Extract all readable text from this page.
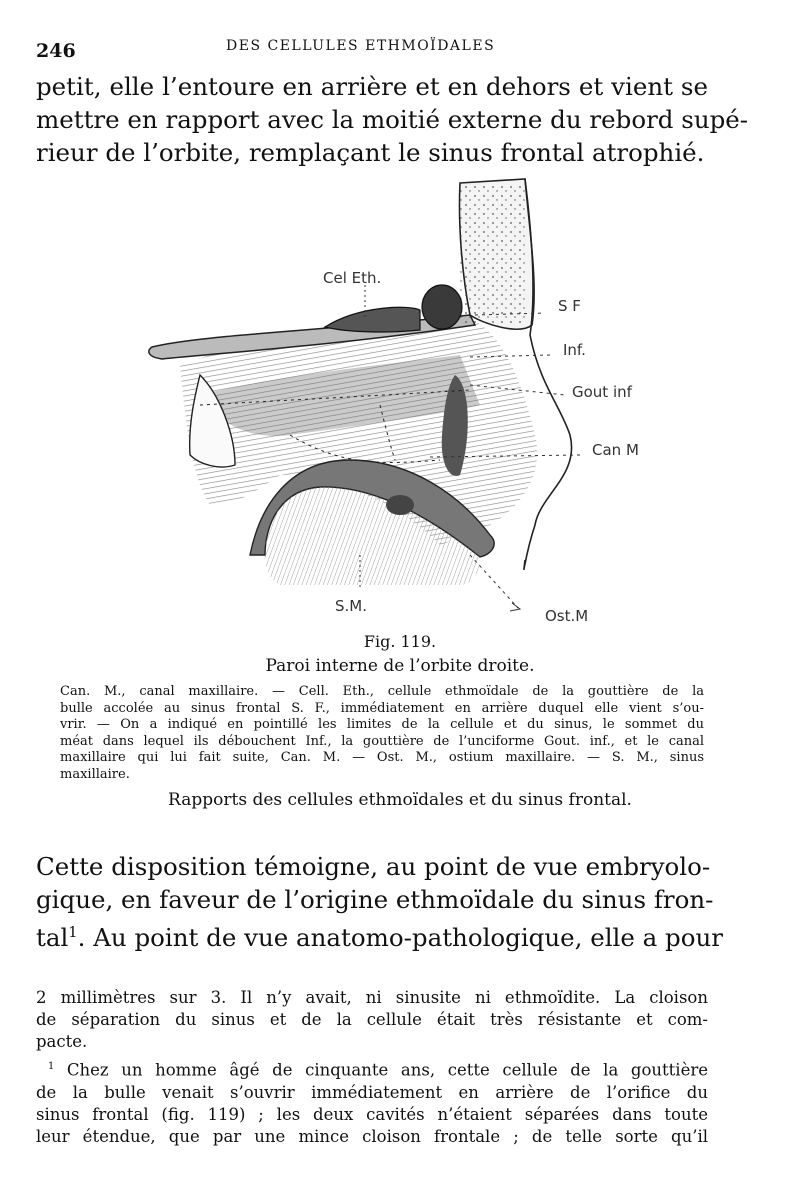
246	DES CELLULES ETHMOÏDALES

petit, elle l’entoure en arrière et en dehors et vient se
mettre en rapport avec la moitié externe du rebord supé-
rieur de l’orbite, remplaçant le sinus frontal atrophié.

Cel Eth.
S F
Inf.
Gout inf
Can M
S.M.
Ost.M
Fig. 119.
Paroi interne de l’orbite droite.

Can. M., canal maxillaire. — Cell. Eth., cellule ethmoïdale de la gouttière de la
bulle accolée au sinus frontal S. F., immédiatement en arrière duquel elle vient s’ou-
vrir. — On a indiqué en pointillé les limites de la cellule et du sinus, le sommet du
méat dans lequel ils débouchent Inf., la gouttière de l’unciforme Gout. inf., et le canal
maxillaire qui lui fait suite, Can. M. — Ost. M., ostium maxillaire. — S. M., sinus
maxillaire.

Rapports des cellules ethmoïdales et du sinus frontal.

Cette disposition témoigne, au point de vue embryolo-
gique, en faveur de l’origine ethmoïdale du sinus fron-
tal$^1$. Au point de vue anatomo-pathologique, elle a pour

2 millimètres sur 3. Il n’y avait, ni sinusite ni ethmoïdite. La cloison
de séparation du sinus et de la cellule était très résistante et com-
pacte.

$^1$ Chez un homme âgé de cinquante ans, cette cellule de la gouttière
de la bulle venait s’ouvrir immédiatement en arrière de l’orifice du
sinus frontal (fig. 119) ; les deux cavités n’étaient séparées dans toute
leur étendue, que par une mince cloison frontale ; de telle sorte qu’il
